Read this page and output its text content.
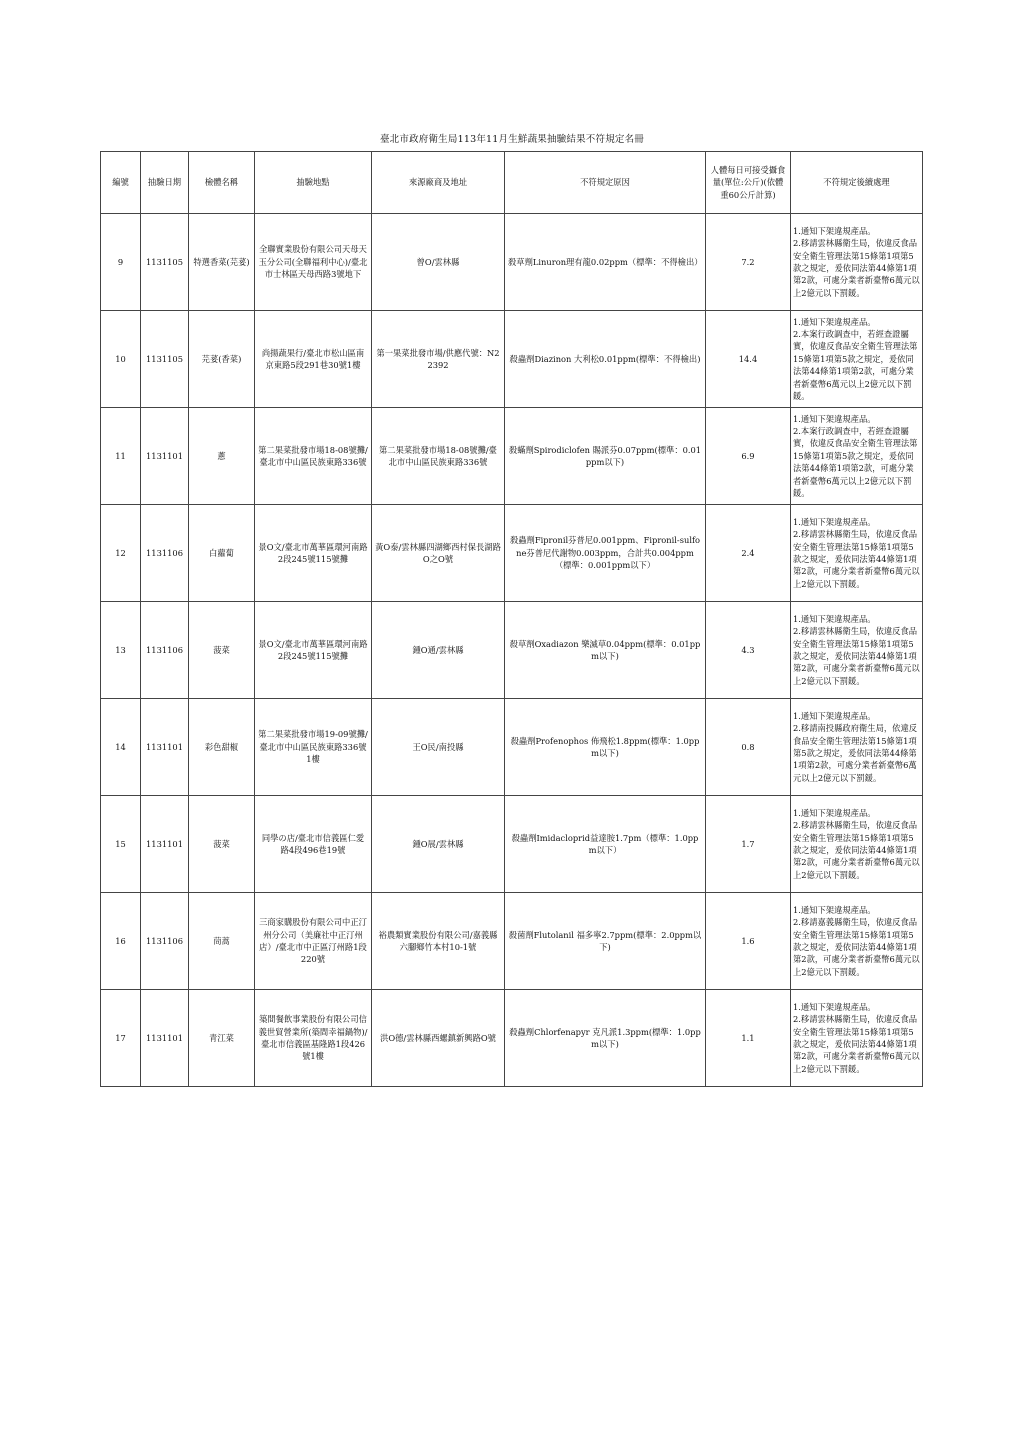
臺北市政府衛生局113年11月生鮮蔬果抽驗結果不符規定名冊
編號	抽驗日期	檢體名稱	抽驗地點	來源廠商及地址	不符規定原因	人體每日可接受攝食量(單位:公斤)(依體重60公斤計算)	不符規定後續處理
9	1131105	特選香菜(芫荽)	全聯實業股份有限公司天母天玉分公司(全聯福利中心)/臺北市士林區天母西路3號地下	曾O/雲林縣	殺草劑Linuron理有龍0.02ppm（標準：不得檢出）	7.2	1.通知下架違規產品。
2.移請雲林縣衛生局，依違反食品安全衛生管理法第15條第1項第5款之規定，爰依同法第44條第1項第2款，可處分業者新臺幣6萬元以上2億元以下罰鍰。

10	1131105	芫荽(香菜)	尚揚蔬果行/臺北市松山區南京東路5段291巷30號1樓	第一果菜批發市場/供應代號：N22392	殺蟲劑Diazinon 大利松0.01ppm(標準：不得檢出)	14.4	1.通知下架違規產品。
2.本案行政調查中，若經查證屬實，依違反食品安全衛生管理法第15條第1項第5款之規定，爰依同法第44條第1項第2款，可處分業者新臺幣6萬元以上2億元以下罰鍰。

11	1131101	蔥	第二果菜批發市場18-08號攤/臺北市中山區民族東路336號	第二果菜批發市場18-08號攤/臺北市中山區民族東路336號	殺蟎劑Spirodiclofen 賜派芬0.07ppm(標準：0.01ppm以下)	6.9	1.通知下架違規產品。
2.本案行政調查中，若經查證屬實，依違反食品安全衛生管理法第15條第1項第5款之規定，爰依同法第44條第1項第2款，可處分業者新臺幣6萬元以上2億元以下罰鍰。

12	1131106	白蘿蔔	景O文/臺北市萬華區環河南路2段245號115號攤	黃O泰/雲林縣四湖鄉西村保長湖路O之O號	殺蟲劑Fipronil芬普尼0.001ppm、Fipronil-sulfone芬普尼代謝物0.003ppm，合計共0.004ppm（標準：0.001ppm以下）	2.4	1.通知下架違規產品。
2.移請雲林縣衛生局，依違反食品安全衛生管理法第15條第1項第5款之規定，爰依同法第44條第1項第2款，可處分業者新臺幣6萬元以上2億元以下罰鍰。

13	1131106	菠菜	景O文/臺北市萬華區環河南路2段245號115號攤	鍾O通/雲林縣	殺草劑Oxadiazon 樂滅草0.04ppm(標準：0.01ppm以下)	4.3	1.通知下架違規產品。
2.移請雲林縣衛生局，依違反食品安全衛生管理法第15條第1項第5款之規定，爰依同法第44條第1項第2款，可處分業者新臺幣6萬元以上2億元以下罰鍰。

14	1131101	彩色甜椒	第二果菜批發市場19-09號攤/臺北市中山區民族東路336號1樓	王O民/南投縣	殺蟲劑Profenophos 佈飛松1.8ppm(標準：1.0ppm以下)	0.8	1.通知下架違規產品。
2.移請南投縣政府衛生局，依違反食品安全衛生管理法第15條第1項第5款之規定，爰依同法第44條第1項第2款，可處分業者新臺幣6萬元以上2億元以下罰鍰。

15	1131101	菠菜	同學の店/臺北市信義區仁愛路4段496巷19號	鍾O展/雲林縣	殺蟲劑Imidacloprid益達胺1.7pm（標準：1.0ppm以下）	1.7	1.通知下架違規產品。
2.移請雲林縣衛生局，依違反食品安全衛生管理法第15條第1項第5款之規定，爰依同法第44條第1項第2款，可處分業者新臺幣6萬元以上2億元以下罰鍰。

16	1131106	茼蒿	三商家購股份有限公司中正汀州分公司（美廉社中正汀州店）/臺北市中正區汀州路1段220號	裕農類實業股份有限公司/嘉義縣六腳鄉竹本村10-1號	殺菌劑Flutolanil 福多寧2.7ppm(標準：2.0ppm以下)	1.6	1.通知下架違規產品。
2.移請嘉義縣衛生局，依違反食品安全衛生管理法第15條第1項第5款之規定，爰依同法第44條第1項第2款，可處分業者新臺幣6萬元以上2億元以下罰鍰。

17	1131101	青江菜	築間餐飲事業股份有限公司信義世貿營業所(築間幸福鍋物)/臺北市信義區基隆路1段426號1樓	洪O德/雲林縣西螺鎮新興路O號	殺蟲劑Chlorfenapyr 克凡派1.3ppm(標準：1.0ppm以下)	1.1	1.通知下架違規產品。
2.移請雲林縣衛生局，依違反食品安全衛生管理法第15條第1項第5款之規定，爰依同法第44條第1項第2款，可處分業者新臺幣6萬元以上2億元以下罰鍰。
